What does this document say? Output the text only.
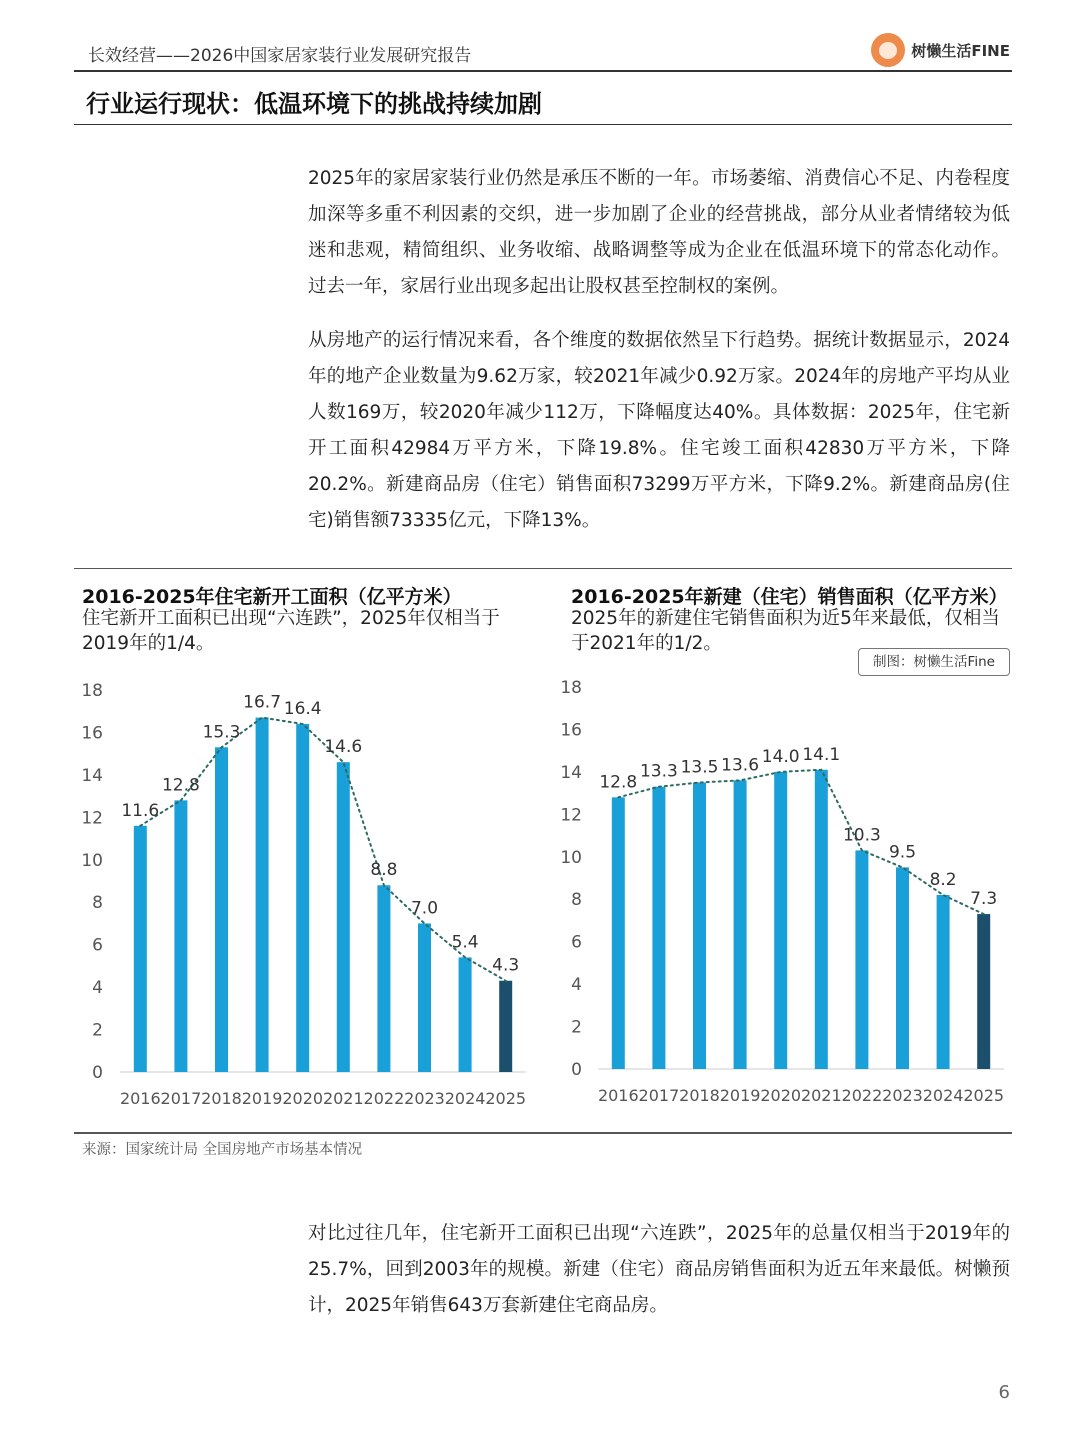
长效经营——2026中国家居家装行业发展研究报告	树懒生活FINE
行业运行现状：低温环境下的挑战持续加剧

2025年的家居家装行业仍然是承压不断的一年。市场萎缩、消费信心不足、内卷程度加深等多重不利因素的交织，进一步加剧了企业的经营挑战，部分从业者情绪较为低迷和悲观，精简组织、业务收缩、战略调整等成为企业在低温环境下的常态化动作。过去一年，家居行业出现多起出让股权甚至控制权的案例。

从房地产的运行情况来看，各个维度的数据依然呈下行趋势。据统计数据显示，2024年的地产企业数量为9.62万家，较2021年减少0.92万家。2024年的房地产平均从业人数169万，较2020年减少112万，下降幅度达40%。具体数据：2025年，住宅新开工面积42984万平方米，下降19.8%。住宅竣工面积42830万平方米，下降20.2%。新建商品房（住宅）销售面积73299万平方米，下降9.2%。新建商品房(住宅)销售额73335亿元，下降13%。

2016-2025年住宅新开工面积（亿平方米）
住宅新开工面积已出现“六连跌”，2025年仅相当于2019年的1/4。
2016-2025年新建（住宅）销售面积（亿平方米）
2025年的新建住宅销售面积为近5年来最低，仅相当于2021年的1/2。
制图：树懒生活Fine
0
2
4
6
8
10
12
14
16
18
11.6
12.8
15.3
16.7 16.4
14.6
8.8
7.0
5.4
4.3
2016 2017 2018 2019 2020 2021 2022 2023 2024 2025
0
2
4
6
8
10
12
14
16
18
12.8
13.3 13.5 13.6 14.0 14.1
10.3
9.5
8.2
7.3
2016 2017 2018 2019 2020 2021 2022 2023 2024 2025
来源：国家统计局 全国房地产市场基本情况

对比过往几年，住宅新开工面积已出现“六连跌”，2025年的总量仅相当于2019年的25.7%，回到2003年的规模。新建（住宅）商品房销售面积为近五年来最低。树懒预计，2025年销售643万套新建住宅商品房。

6
